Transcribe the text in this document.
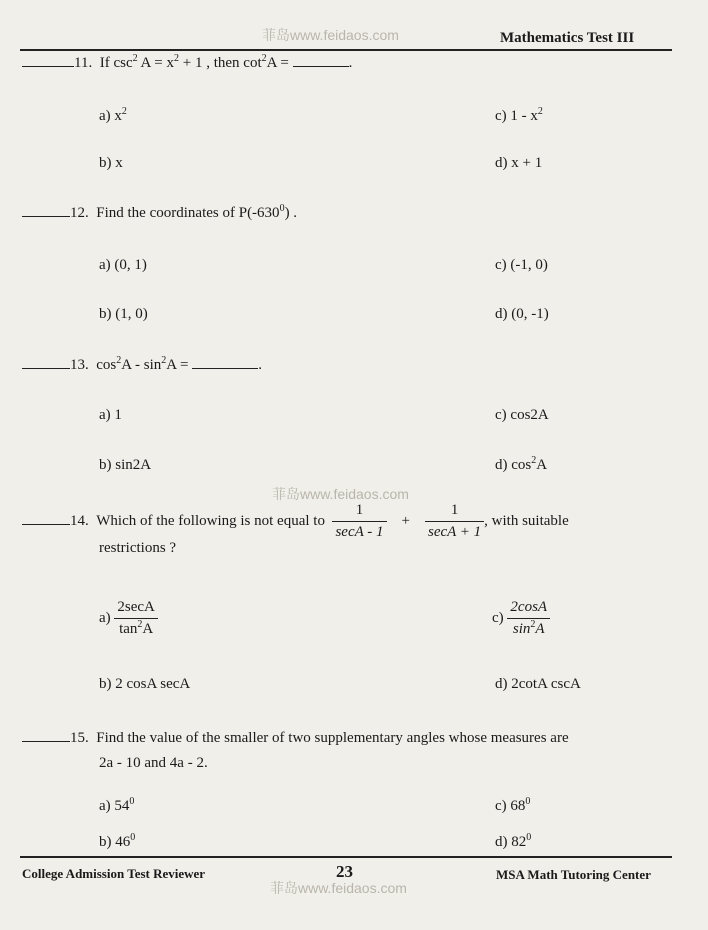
菲岛www.feidaos.com	Mathematics Test III
11. If $\csc^2 A = x^2 + 1$ , then $\cot^2A$ =	.
a) $x^2$	c) $1 - x^2$
b) x	d) x + 1
12. Find the coordinates of $P(-630^0)$ .
a) (0, 1)	c) (-1, 0)
b) (1, 0)	d) (0, -1)
13. $\cos^2A - \sin^2A$ =	.
a) 1	c) cos2A
b) sin2A	d) $\cos^2A$
菲岛www.feidaos.com
14. Which of the following is not equal to $\frac{1}{\sec A - 1} + \frac{1}{\sec A + 1}$ , with suitable
restrictions ?
$a) \frac{2\sec A}{\tan^2A}$	$c) \frac{2\cos A}{\sin^2A}$
b) 2 cosA secA	d) 2cotA cscA
15. Find the value of the smaller of two supplementary angles whose measures are
2a - 10 and 4a - 2.
a) $54^0$	c) $68^0$
b) $46^0$	d) $82^0$
College Admission Test Reviewer	23	MSA Math Tutoring Center
菲岛www.feidaos.com
